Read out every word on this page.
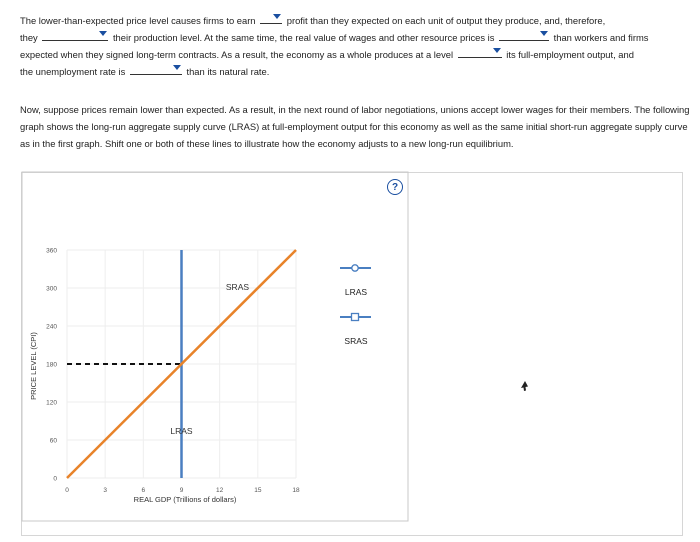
The lower-than-expected price level causes firms to earn	profit than they expected on each unit of output they produce, and, therefore,
they	their production level. At the same time, the real value of wages and other resource prices is	than workers and firms
expected when they signed long-term contracts. As a result, the economy as a whole produces at a level	its full-employment output, and
the unemployment rate is	than its natural rate.
Now, suppose prices remain lower than expected. As a result, in the next round of labor negotiations, unions accept lower wages for their members. The following graph shows the long-run aggregate supply curve (LRAS) at full-employment output for this economy as well as the same initial short-run aggregate supply curve as in the first graph. Shift one or both of these lines to illustrate how the economy adjusts to a new long-run equilibrium.
?
LRAS
SRAS
0	3	6	9	12	15	18
0
60
120
180
240
300
360
REAL GDP (Trillions of dollars)
PRICE LEVEL (CPI)
LRAS
SRAS
